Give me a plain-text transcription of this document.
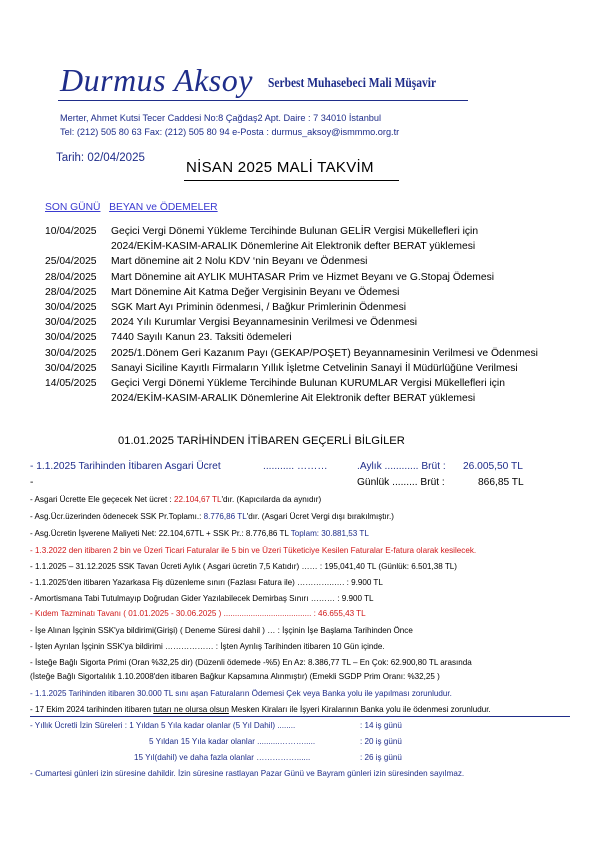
Durmus Aksoy Serbest Muhasebeci Mali Müşavir
Merter, Ahmet Kutsi Tecer Caddesi No:8 Çağdaş2 Apt. Daire : 7 34010 İstanbul
Tel: (212) 505 80 63 Fax: (212) 505 80 94 e-Posta : durmus_aksoy@ismmmo.org.tr
Tarih: 02/04/2025
NİSAN 2025 MALİ TAKVİM
SON GÜNÜ BEYAN ve ÖDEMELER
10/04/2025	Geçici Vergi Dönemi Yükleme Tercihinde Bulunan GELİR Vergisi Mükellefleri için
2024/EKİM-KASIM-ARALIK Dönemlerine Ait Elektronik defter BERAT yüklemesi
25/04/2025	Mart dönemine ait 2 Nolu KDV ‘nin Beyanı ve Ödenmesi
28/04/2025	Mart Dönemine ait AYLIK MUHTASAR Prim ve Hizmet Beyanı ve G.Stopaj Ödemesi
28/04/2025	Mart Dönemine Ait Katma Değer Vergisinin Beyanı ve Ödemesi
30/04/2025	SGK Mart Ayı Priminin ödenmesi, / Bağkur Primlerinin Ödenmesi
30/04/2025	2024 Yılı Kurumlar Vergisi Beyannamesinin Verilmesi ve Ödenmesi
30/04/2025	7440 Sayılı Kanun 23. Taksiti ödemeleri
30/04/2025	2025/1.Dönem Geri Kazanım Payı (GEKAP/POŞET) Beyannamesinin Verilmesi ve Ödenmesi
30/04/2025	Sanayi Siciline Kayıtlı Firmaların Yıllık İşletme Cetvelinin Sanayi İl Müdürlüğüne Verilmesi
14/05/2025	Geçici Vergi Dönemi Yükleme Tercihinde Bulunan KURUMLAR Vergisi Mükellefleri için
2024/EKİM-KASIM-ARALIK Dönemlerine Ait Elektronik defter BERAT yüklemesi
01.01.2025 TARİHİNDEN İTİBAREN GEÇERLİ BİLGİLER
- 1.1.2025 Tarihinden İtibaren Asgari Ücret	........... ………	.Aylık ............ Brüt : 26.005,50 TL
-	Günlük ......... Brüt :	866,85 TL
- Asgari Ücrette Ele geçecek Net ücret : 22.104,67 TL'dır. (Kapıcılarda da aynıdır)
- Asg.Ücr.üzerinden ödenecek SSK Pr.Toplamı.: 8.776,86 TL'dır. (Asgari Ücret Vergi dışı bırakılmıştır.)
- Asg.Ücretin İşverene Maliyeti Net: 22.104,67TL + SSK Pr.: 8.776,86 TL Toplam: 30.881,53 TL
- 1.3.2022 den itibaren 2 bin ve Üzeri Ticari Faturalar ile 5 bin ve Üzeri Tüketiciye Kesilen Faturalar E-fatura olarak kesilecek.
- 1.1.2025 – 31.12.2025 SSK Tavan Ücreti Aylık ( Asgari ücretin 7,5 Katıdır) …… : 195,041,40 TL (Günlük: 6.501,38 TL)
- 1.1.2025'den itibaren Yazarkasa Fiş düzenleme sınırı (Fazlası Fatura ile) …………..…. : 9.900 TL
- Amortismana Tabi Tutulmayıp Doğrudan Gider Yazılabilecek Demirbaş Sınırı ……… : 9.900 TL
- Kıdem Tazminatı Tavanı ( 01.01.2025 - 30.06.2025 ) ....................................... : 46.655,43 TL
- İşe Alınan İşçinin SSK'ya bildirimi(Girişi) ( Deneme Süresi dahil ) … : İşçinin İşe Başlama Tarihinden Önce
- İşten Ayrılan İşçinin SSK'ya bildirimi ……………… : İşten Ayrılış Tarihinden itibaren 10 Gün içinde.
- İsteğe Bağlı Sigorta Primi (Oran %32,25 dir) (Düzenli ödemede -%5) En Az: 8.386,77 TL – En Çok: 62.900,80 TL arasında
(İsteğe Bağlı Sigortalılık 1.10.2008'den itibaren Bağkur Kapsamına Alınmıştır) (Emekli SGDP Prim Oranı: %32,25 )
- 1.1.2025 Tarihinden itibaren 30.000 TL sını aşan Faturaların Ödemesi Çek veya Banka yolu ile yapılması zorunludur.
- 17 Ekim 2024 tarihinden itibaren tutarı ne olursa olsun Mesken Kiraları ile İşyeri Kiralarının Banka yolu ile ödenmesi zorunludur.
- Yıllık Ücretli İzin Süreleri : 1 Yıldan 5 Yıla kadar olanlar (5 Yıl Dahil) ........	: 14 iş günü
5 Yıldan 15 Yıla kadar olanlar ..........……….....	: 20 iş günü
15 Yıl(dahil) ve daha fazla olanlar ……………......	: 26 iş günü
- Cumartesi günleri izin süresine dahildir. İzin süresine rastlayan Pazar Günü ve Bayram günleri izin süresinden sayılmaz.
